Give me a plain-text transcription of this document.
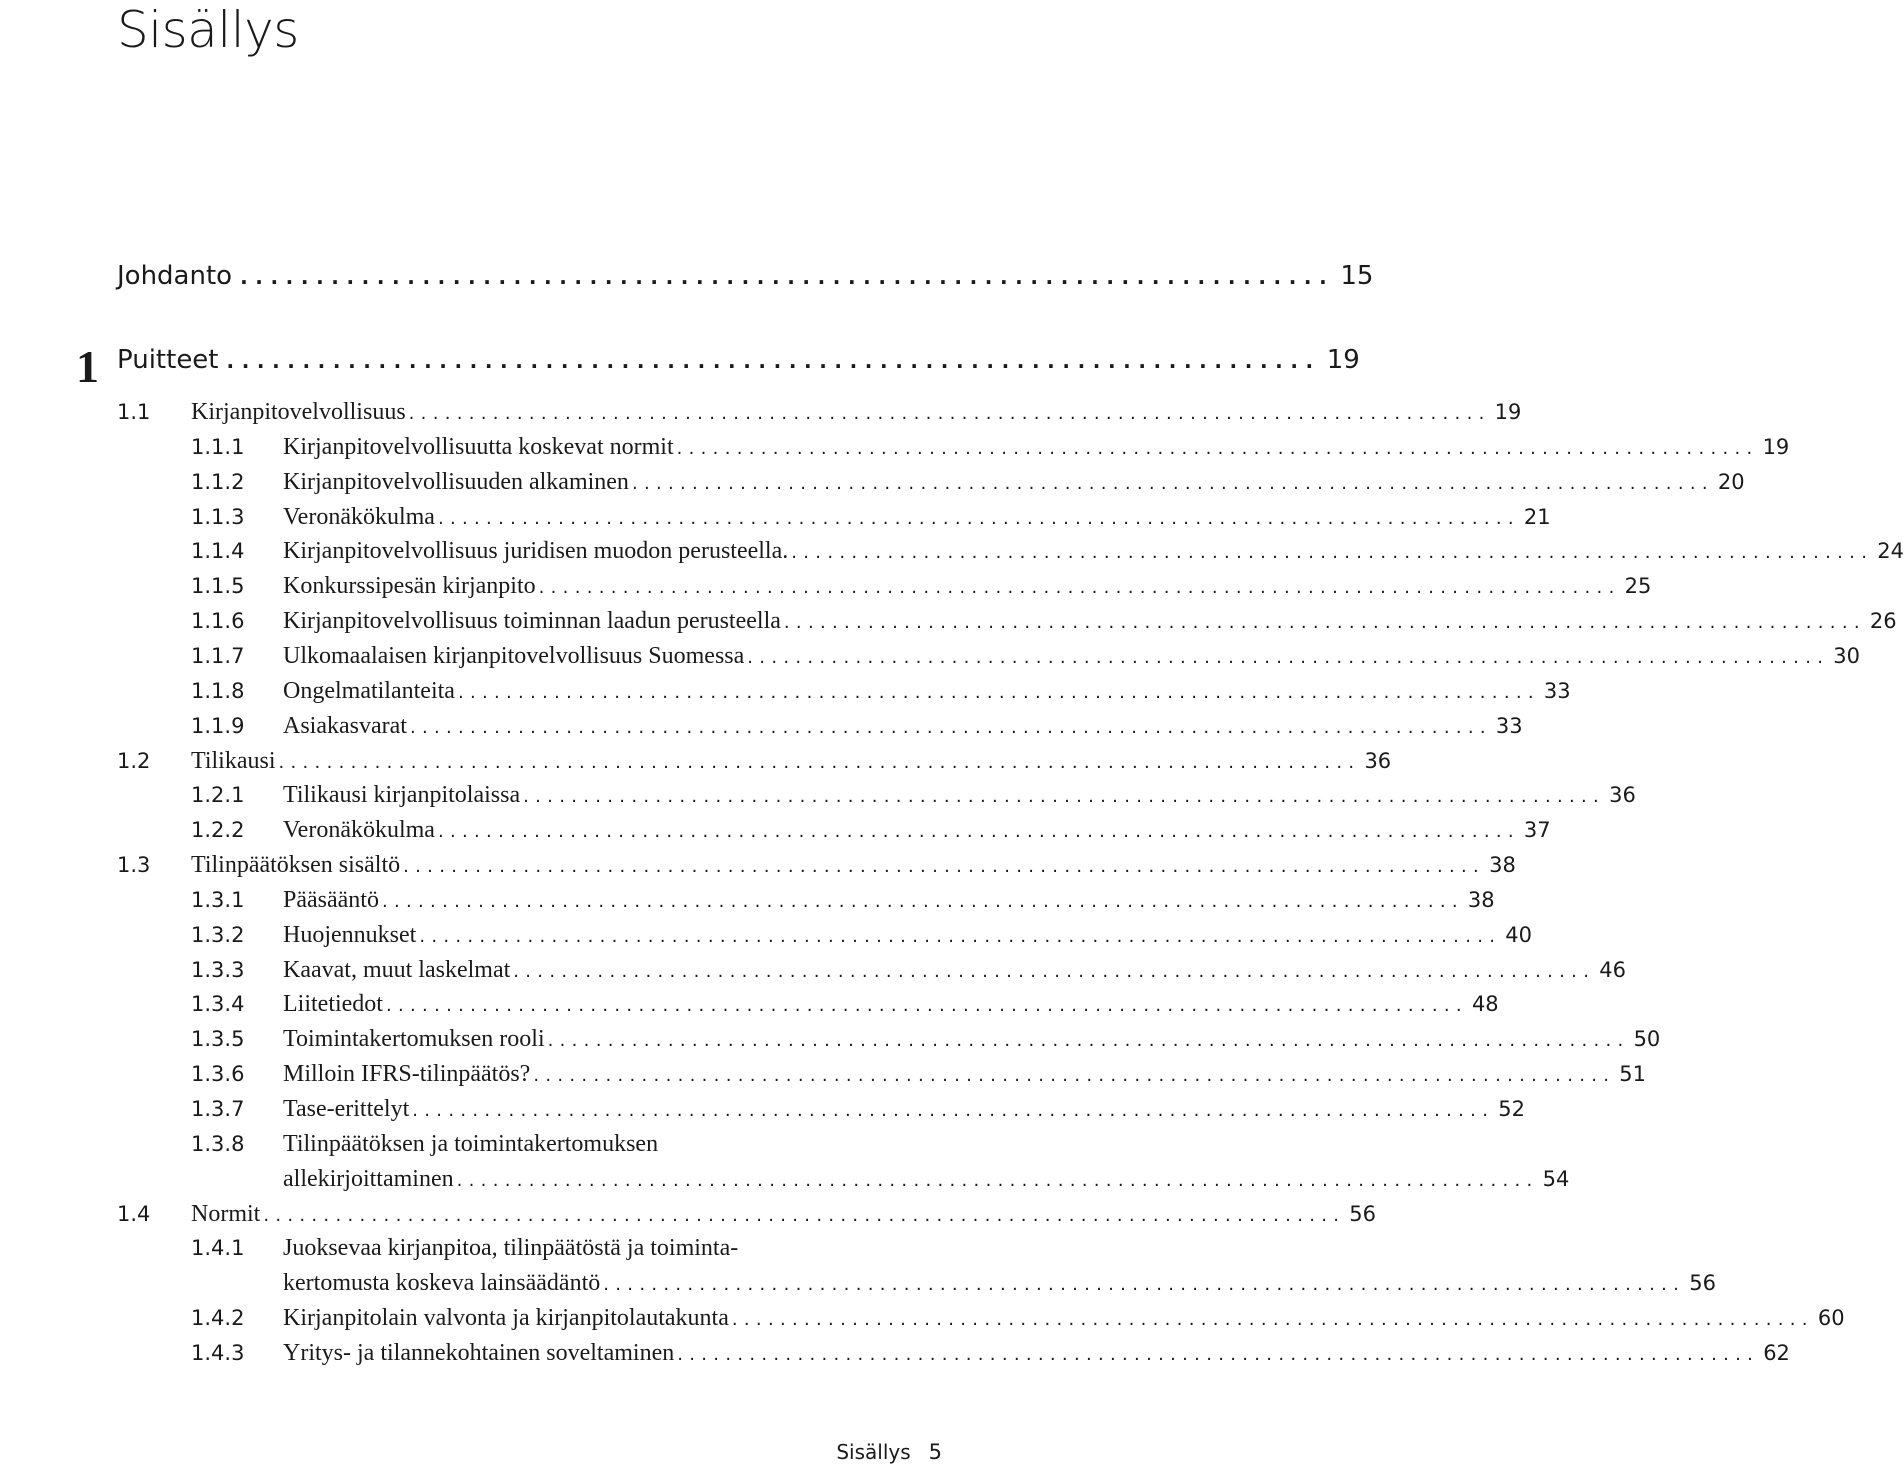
Sisällys
Johdanto ........................................................................ 15
1 Puitteet ........................................................................ 19
1.1 Kirjanpitovelvollisuus .......................................................................................... 19
1.1.1 Kirjanpitovelvollisuutta koskevat normit .......................................................................................... 19
1.1.2 Kirjanpitovelvollisuuden alkaminen .......................................................................................... 20
1.1.3 Veronäkökulma .......................................................................................... 21
1.1.4 Kirjanpitovelvollisuus juridisen muodon perusteella. .......................................................................................... 24
1.1.5 Konkurssipesän kirjanpito .......................................................................................... 25
1.1.6 Kirjanpitovelvollisuus toiminnan laadun perusteella .......................................................................................... 26
1.1.7 Ulkomaalaisen kirjanpitovelvollisuus Suomessa .......................................................................................... 30
1.1.8 Ongelmatilanteita .......................................................................................... 33
1.1.9 Asiakasvarat .......................................................................................... 33
1.2 Tilikausi .......................................................................................... 36
1.2.1 Tilikausi kirjanpitolaissa .......................................................................................... 36
1.2.2 Veronäkökulma .......................................................................................... 37
1.3 Tilinpäätöksen sisältö .......................................................................................... 38
1.3.1 Pääsääntö .......................................................................................... 38
1.3.2 Huojennukset .......................................................................................... 40
1.3.3 Kaavat, muut laskelmat .......................................................................................... 46
1.3.4 Liitetiedot .......................................................................................... 48
1.3.5 Toimintakertomuksen rooli .......................................................................................... 50
1.3.6 Milloin IFRS-tilinpäätös? .......................................................................................... 51
1.3.7 Tase-erittelyt .......................................................................................... 52
1.3.8 Tilinpäätöksen ja toimintakertomuksen
allekirjoittaminen .......................................................................................... 54
1.4 Normit .......................................................................................... 56
1.4.1 Juoksevaa kirjanpitoa, tilinpäätöstä ja toiminta-
kertomusta koskeva lainsäädäntö .......................................................................................... 56
1.4.2 Kirjanpitolain valvonta ja kirjanpitolautakunta .......................................................................................... 60
1.4.3 Yritys- ja tilannekohtainen soveltaminen .......................................................................................... 62
Sisällys 5
